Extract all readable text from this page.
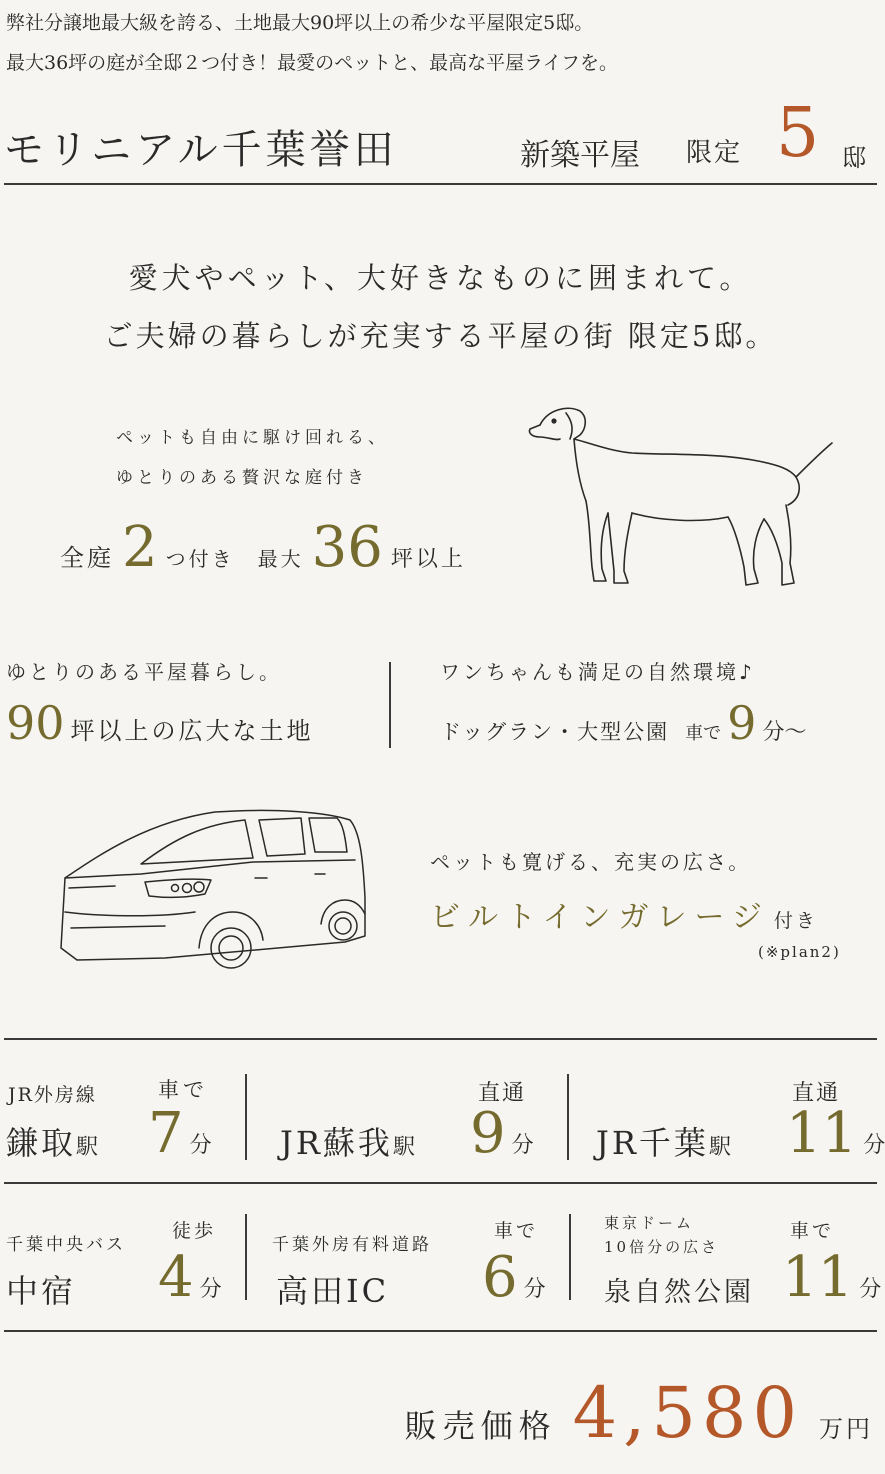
弊社分譲地最大級を誇る、土地最大90坪以上の希少な平屋限定5邸。
最大36坪の庭が全邸２つ付き！最愛のペットと、最高な平屋ライフを。
モリニアル千葉誉田	新築平屋 限定 5 邸
愛犬やペット、大好きなものに囲まれて。
ご夫婦の暮らしが充実する平屋の街 限定5邸。
ペットも自由に駆け回れる、
ゆとりのある贅沢な庭付き
全庭 2 つ付き　最大 36 坪以上
ゆとりのある平屋暮らし。
90 坪以上の広大な土地
ワンちゃんも満足の自然環境♪
ドッグラン・大型公園 車で 9 分～
ペットも寛げる、充実の広さ。
ビルトインガレージ 付き
(※plan2)
JR外房線	車で
鎌取 駅 7 分
直通
JR蘇我 駅 9 分
直通
JR千葉 駅 11 分
千葉中央バス
徒歩
中宿 4 分
千葉外房有料道路
車で
高田IC 6 分
東京ドーム
10倍分の広さ
車で
泉自然公園 11 分
販売価格 4,580 万円
